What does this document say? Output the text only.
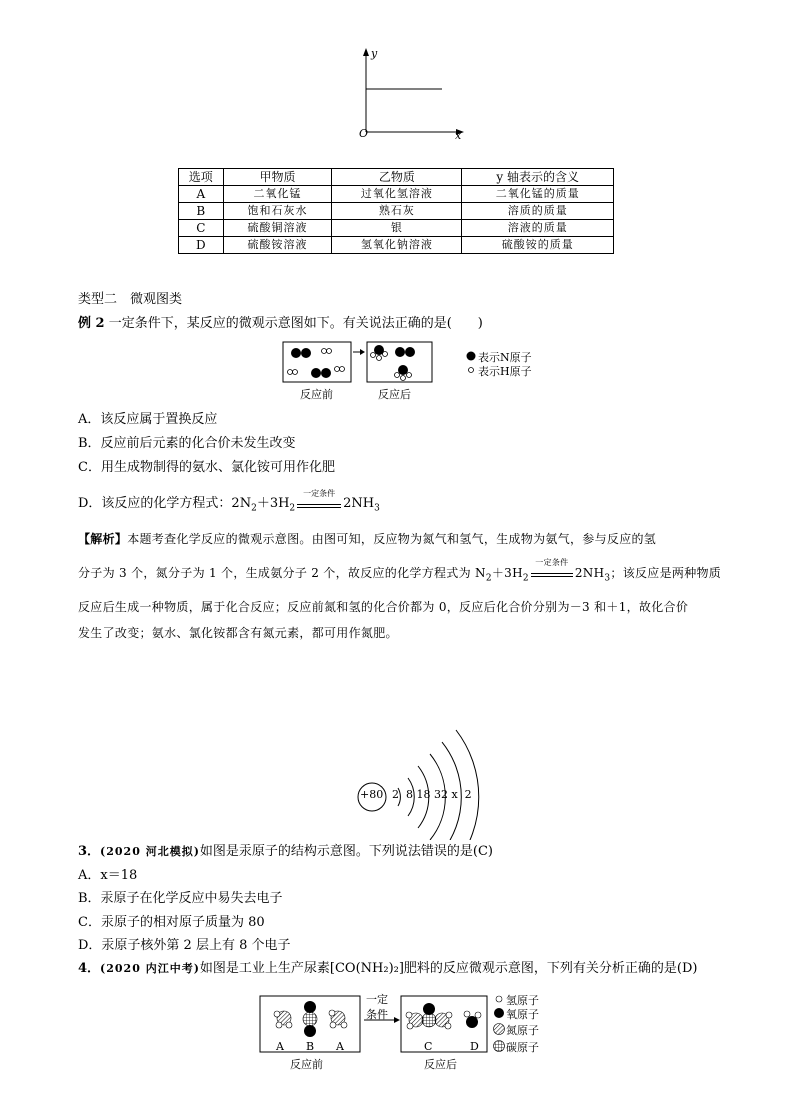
y
x
O
选项	甲物质	乙物质	y 轴表示的含义
A	二氧化锰	过氧化氢溶液	二氧化锰的质量
B	饱和石灰水	熟石灰	溶质的质量
C	硫酸铜溶液	银	溶液的质量
D	硫酸铵溶液	氢氧化钠溶液	硫酸铵的质量
类型二　微观图类
例 2 一定条件下，某反应的微观示意图如下。有关说法正确的是(　　)
表示N原子
表示H原子
反应前	反应后
A．该反应属于置换反应
B．反应前后元素的化合价未发生改变
C．用生成物制得的氨水、氯化铵可用作化肥
D．该反应的化学方程式：$2N_2+3H_2$
一定条件
$2NH_3$
【解析】本题考查化学反应的微观示意图。由图可知，反应物为氮气和氢气，生成物为氨气，参与反应的氢
分子为 3 个，氮分子为 1 个，生成氨分子 2 个，故反应的化学方程式为 $N_2+3H_2$
一定条件
$2NH_3$；该反应是两种物质
反应后生成一种物质，属于化合反应；反应前氮和氢的化合价都为 0，反应后化合价分别为－3 和＋1，故化合价
发生了改变；氨水、氯化铵都含有氮元素，都可用作氮肥。
+80 2  8 18 32 x  2
3．(2020 河北模拟)如图是汞原子的结构示意图。下列说法错误的是(C)
A．x＝18
B．汞原子在化学反应中易失去电子
C．汞原子的相对原子质量为 80
D．汞原子核外第 2 层上有 8 个电子
4．(2020 内江中考)如图是工业上生产尿素[CO(NH₂)₂]肥料的反应微观示意图，下列有关分析正确的是(D)
一定
条件
A B A	C	D
反应前	反应后
氢原子
氧原子
氮原子
碳原子
